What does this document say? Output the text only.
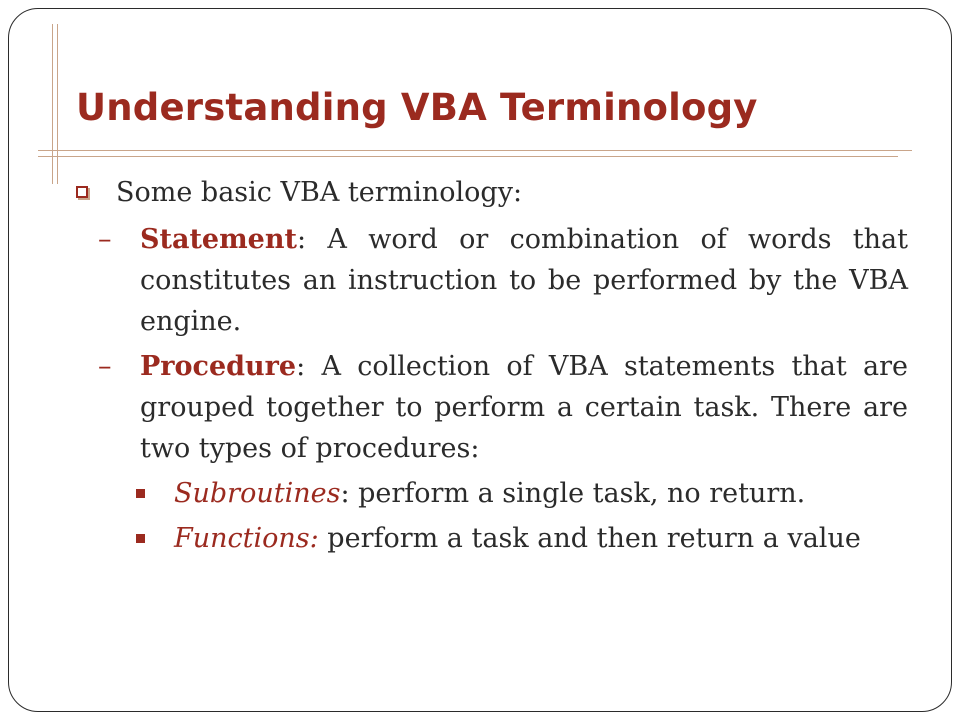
Understanding VBA Terminology
Some basic VBA terminology:
– Statement: A word or combination of words that constitutes an instruction to be performed by the VBA engine.
– Procedure: A collection of VBA statements that are grouped together to perform a certain task. There are two types of procedures:
Subroutines: perform a single task, no return.
Functions: perform a task and then return a value
